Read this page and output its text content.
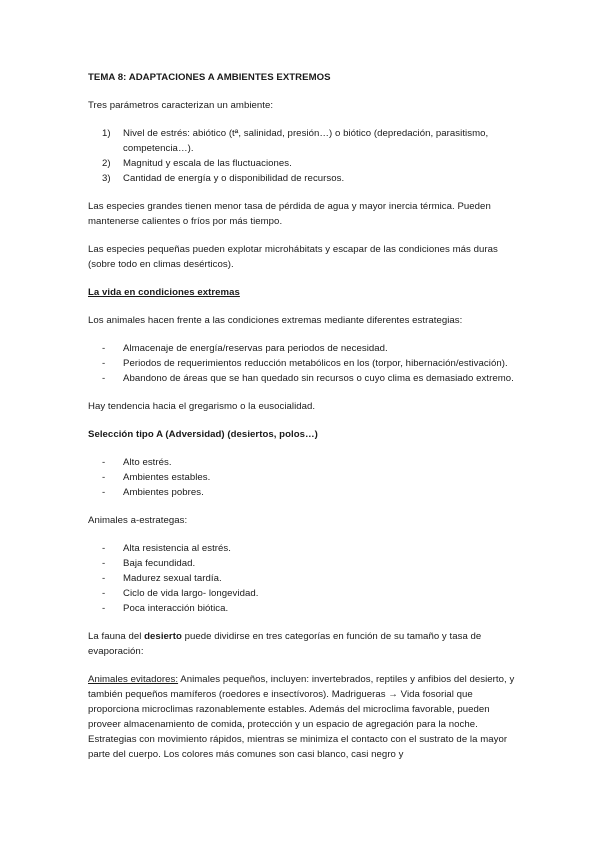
TEMA 8: ADAPTACIONES A AMBIENTES EXTREMOS

Tres parámetros caracterizan un ambiente:

1) Nivel de estrés: abiótico (tª, salinidad, presión…) o biótico (depredación, parasitismo, competencia…).
2) Magnitud y escala de las fluctuaciones.
3) Cantidad de energía y o disponibilidad de recursos.

Las especies grandes tienen menor tasa de pérdida de agua y mayor inercia térmica. Pueden mantenerse calientes o fríos por más tiempo.

Las especies pequeñas pueden explotar microhábitats y escapar de las condiciones más duras (sobre todo en climas desérticos).

La vida en condiciones extremas

Los animales hacen frente a las condiciones extremas mediante diferentes estrategias:

- Almacenaje de energía/reservas para periodos de necesidad.
- Periodos de requerimientos reducción metabólicos en los (torpor, hibernación/estivación).
- Abandono de áreas que se han quedado sin recursos o cuyo clima es demasiado extremo.

Hay tendencia hacia el gregarismo o la eusocialidad.

Selección tipo A (Adversidad) (desiertos, polos…)

- Alto estrés.
- Ambientes estables.
- Ambientes pobres.

Animales a-estrategas:

- Alta resistencia al estrés.
- Baja fecundidad.
- Madurez sexual tardía.
- Ciclo de vida largo- longevidad.
- Poca interacción biótica.

La fauna del desierto puede dividirse en tres categorías en función de su tamaño y tasa de evaporación:

Animales evitadores: Animales pequeños, incluyen: invertebrados, reptiles y anfibios del desierto, y también pequeños mamíferos (roedores e insectívoros). Madrigueras → Vida fosorial que proporciona microclimas razonablemente estables. Además del microclima favorable, pueden proveer almacenamiento de comida, protección y un espacio de agregación para la noche. Estrategias con movimiento rápidos, mientras se minimiza el contacto con el sustrato de la mayor parte del cuerpo. Los colores más comunes son casi blanco, casi negro y
